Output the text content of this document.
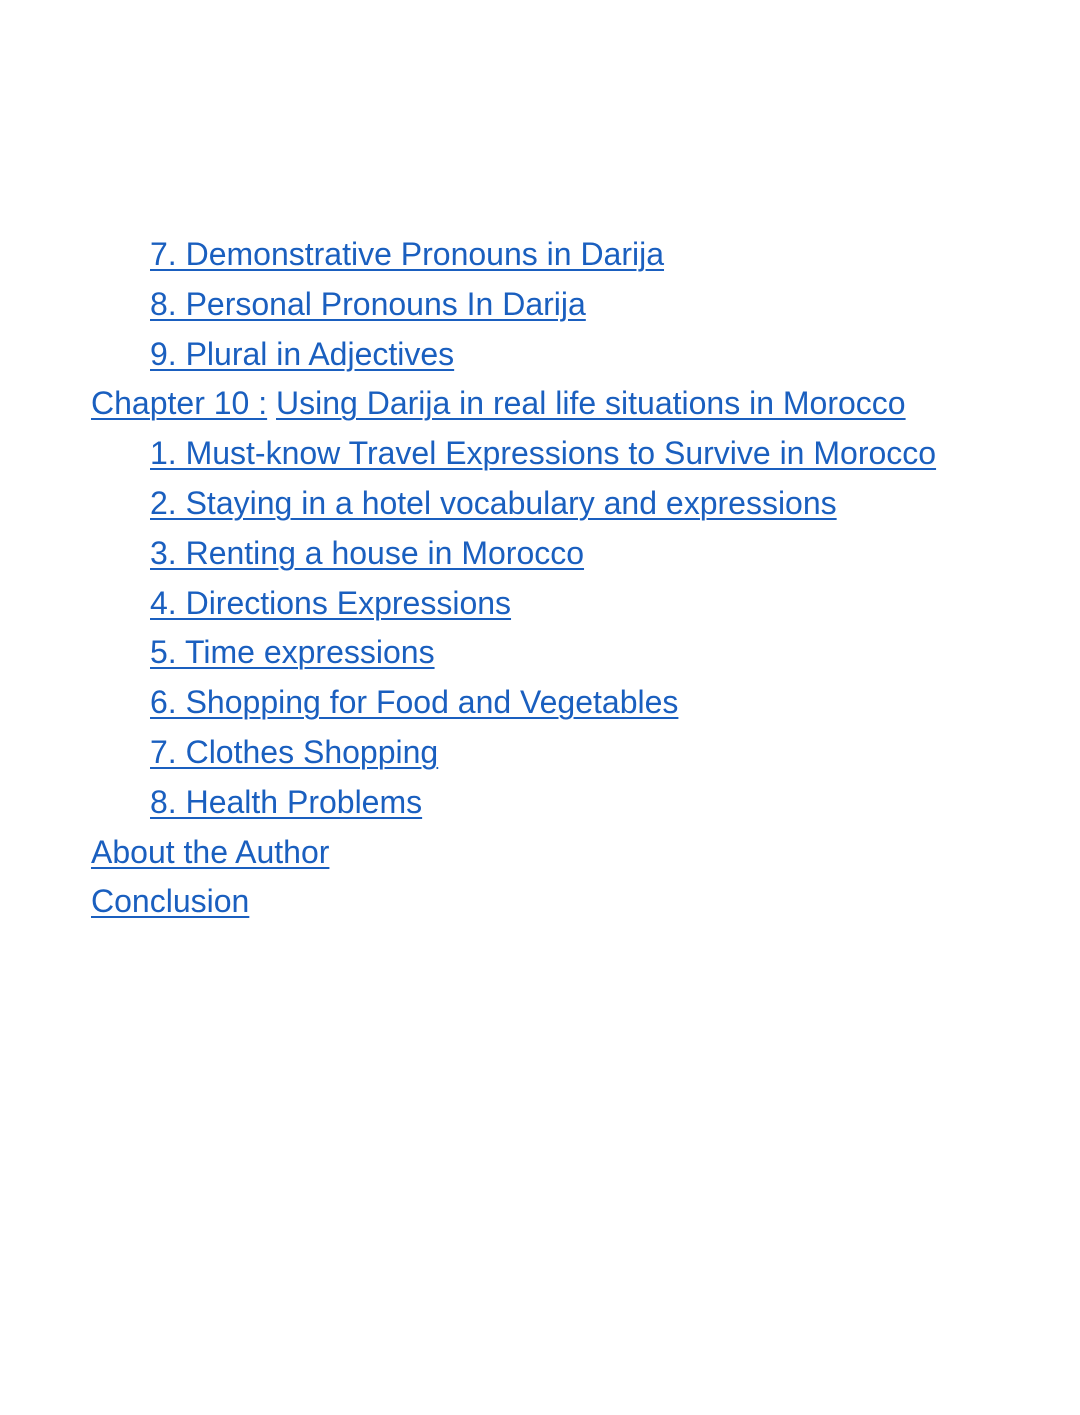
7. Demonstrative Pronouns in Darija
8. Personal Pronouns In Darija
9. Plural in Adjectives
Chapter 10 : Using Darija in real life situations in Morocco
1. Must-know Travel Expressions to Survive in Morocco
2. Staying in a hotel vocabulary and expressions
3. Renting a house in Morocco
4. Directions Expressions
5. Time expressions
6. Shopping for Food and Vegetables
7. Clothes Shopping
8. Health Problems
About the Author
Conclusion
